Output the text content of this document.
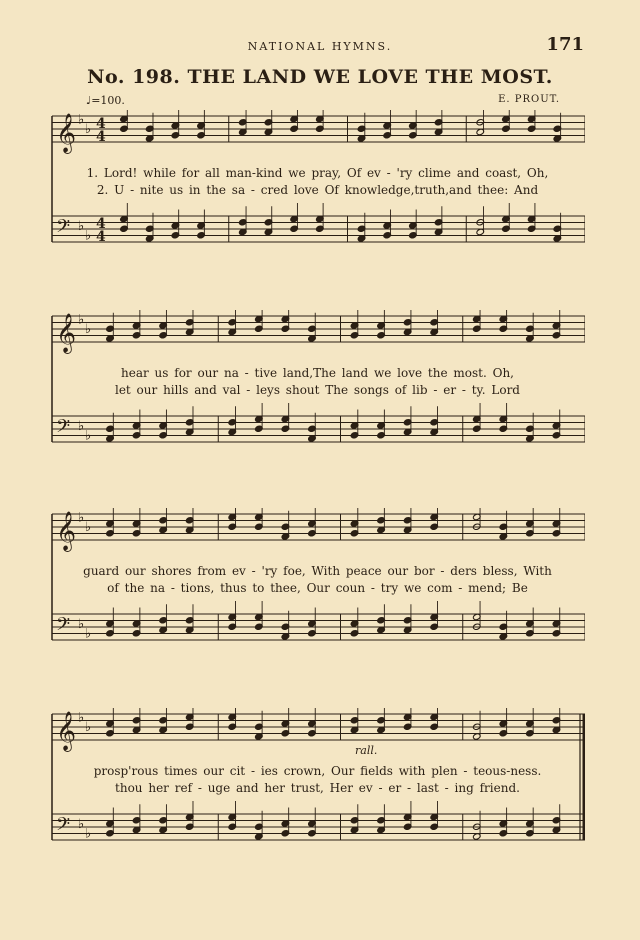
NATIONAL HYMNS.	171
No. 198. THE LAND WE LOVE THE MOST.
♩=100.	E. PROUT.
𝄞
𝄢
♭
♭
♭
♭
4
4
4
4
1. Lord! while for all man-kind we pray, Of ev - 'ry clime and coast, Oh,
2. U - nite us in the sa - cred love Of knowledge,truth,and thee: And
𝄞
𝄢
♭
♭
♭
♭
hear us for our na - tive land,The land we love the most. Oh,
let our hills and val - leys shout The songs of lib - er - ty. Lord
𝄞
𝄢
♭
♭
♭
♭
guard our shores from ev - 'ry foe, With peace our bor - ders bless, With
of the na - tions, thus to thee, Our coun - try we com - mend; Be
𝄞
𝄢
♭
♭
♭
♭
rall.
prosp'rous times our cit - ies crown, Our fields with plen - teous-ness.
thou her ref - uge and her trust, Her ev - er - last - ing friend.
